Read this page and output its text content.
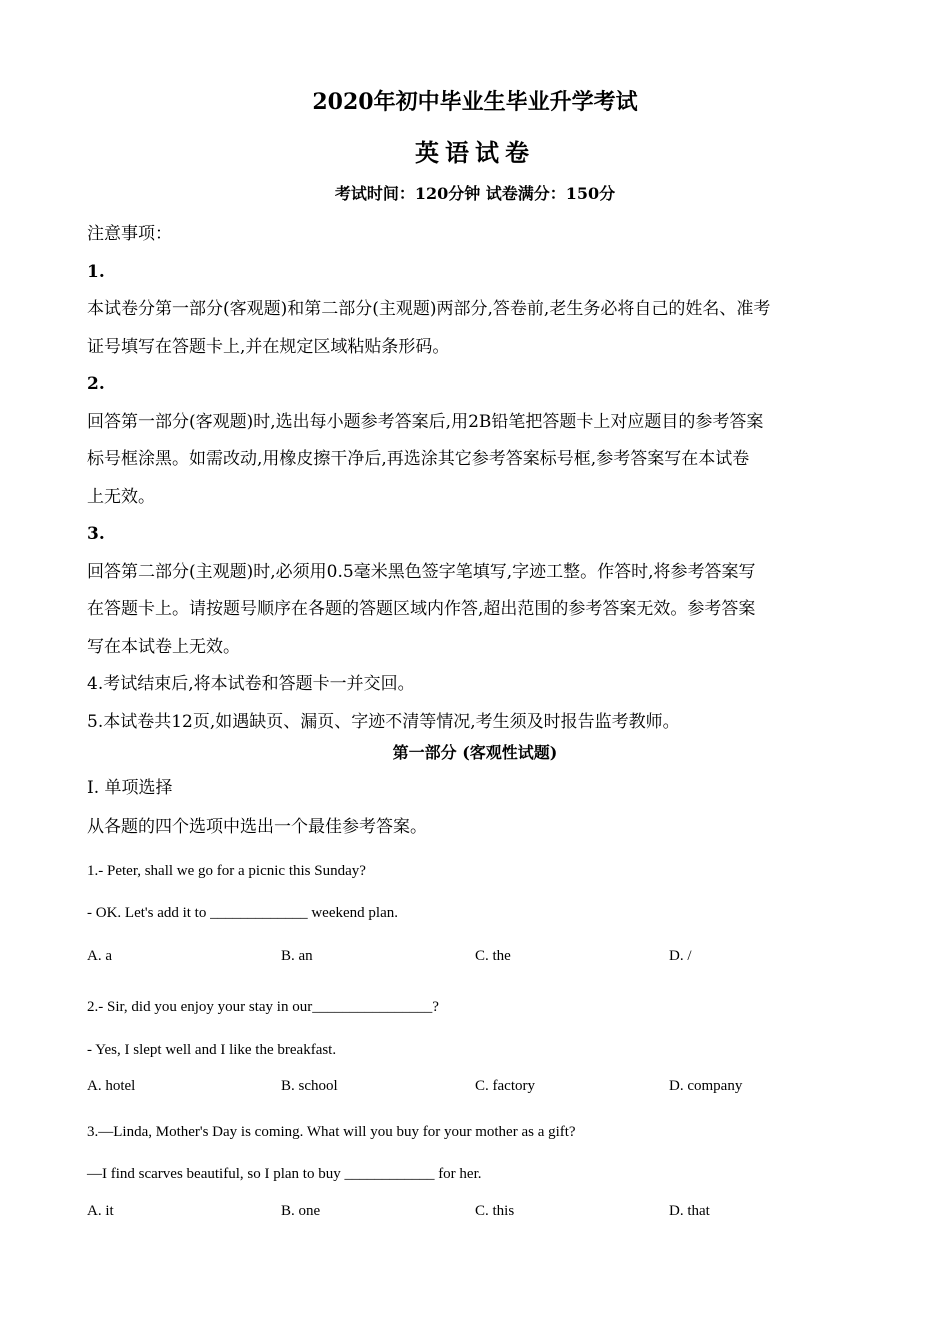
2020年初中毕业生毕业升学考试
英语试卷
考试时间：120分钟 试卷满分：150分
注意事项：
1.
本试卷分第一部分(客观题)和第二部分(主观题)两部分,答卷前,老生务必将自己的姓名、准考
证号填写在答题卡上,并在规定区域粘贴条形码。
2.
回答第一部分(客观题)时,选出每小题参考答案后,用2B铅笔把答题卡上对应题目的参考答案
标号框涂黑。如需改动,用橡皮擦干净后,再选涂其它参考答案标号框,参考答案写在本试卷
上无效。
3.
回答第二部分(主观题)时,必须用0.5毫米黑色签字笔填写,字迹工整。作答时,将参考答案写
在答题卡上。请按题号顺序在各题的答题区域内作答,超出范围的参考答案无效。参考答案
写在本试卷上无效。
4.考试结束后,将本试卷和答题卡一并交回。
5.本试卷共12页,如遇缺页、漏页、字迹不清等情况,考生须及时报告监考教师。
第一部分 (客观性试题)
I. 单项选择
从各题的四个选项中选出一个最佳参考答案。
1.- Peter, shall we go for a picnic this Sunday?
- OK. Let's add it to _____________ weekend plan.
A. a	B. an	C. the	D. /
2.- Sir, did you enjoy your stay in our________________?
- Yes, I slept well and I like the breakfast.
A. hotel	B. school	C. factory	D. company
3.—Linda, Mother's Day is coming. What will you buy for your mother as a gift?
—I find scarves beautiful, so I plan to buy ____________ for her.
A. it	B. one	C. this	D. that
